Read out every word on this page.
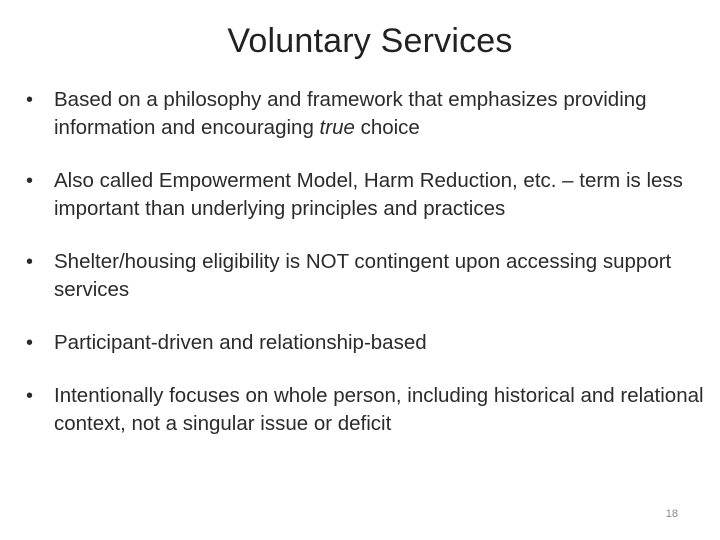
Voluntary Services
• Based on a philosophy and framework that emphasizes providing information and encouraging true choice
• Also called Empowerment Model, Harm Reduction, etc. – term is less important than underlying principles and practices
• Shelter/housing eligibility is NOT contingent upon accessing support services
• Participant-driven and relationship-based
• Intentionally focuses on whole person, including historical and relational context, not a singular issue or deficit
18
